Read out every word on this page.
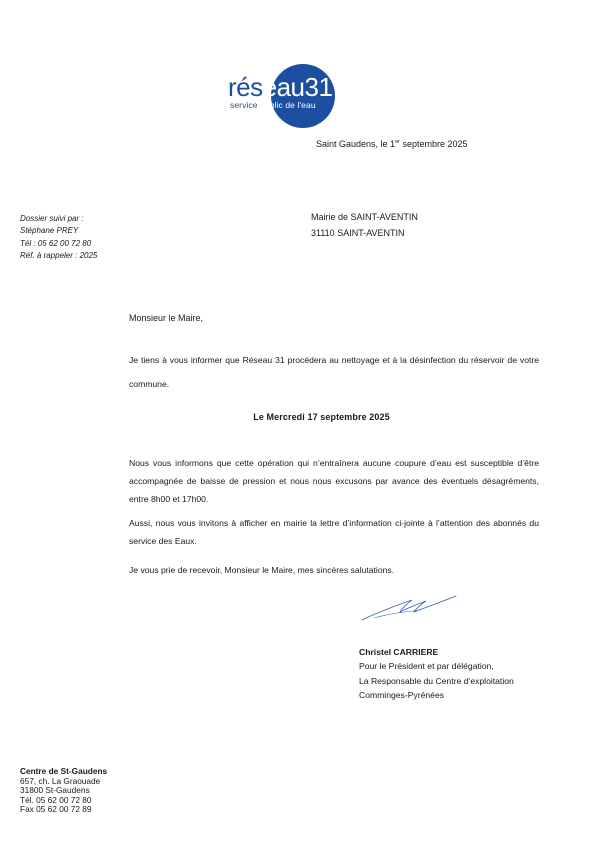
réseau31
service public de l'eau
Saint Gaudens, le 1er septembre 2025
Dossier suivi par :
Stéphane PREY
Tél : 05 62 00 72 80
Réf. à rappeler : 2025
Mairie de SAINT-AVENTIN
31110 SAINT-AVENTIN
Monsieur le Maire,
Je tiens à vous informer que Réseau 31 procédera au nettoyage et à la désinfection du réservoir de votre commune.
Le Mercredi 17 septembre 2025
Nous vous informons que cette opération qui n’entraînera aucune coupure d’eau est susceptible d’être accompagnée de baisse de pression et nous nous excusons par avance des éventuels désagréments, entre 8h00 et 17h00.
Aussi, nous vous invitons à afficher en mairie la lettre d’information ci-jointe à l’attention des abonnés du service des Eaux.
Je vous prie de recevoir, Monsieur le Maire, mes sincères salutations.
Christel CARRIERE
Pour le Président et par délégation,
La Responsable du Centre d’exploitation
Comminges-Pyrénées
Centre de St-Gaudens
657, ch. La Graouade
31800 St-Gaudens
Tél. 05 62 00 72 80
Fax 05 62 00 72 89
